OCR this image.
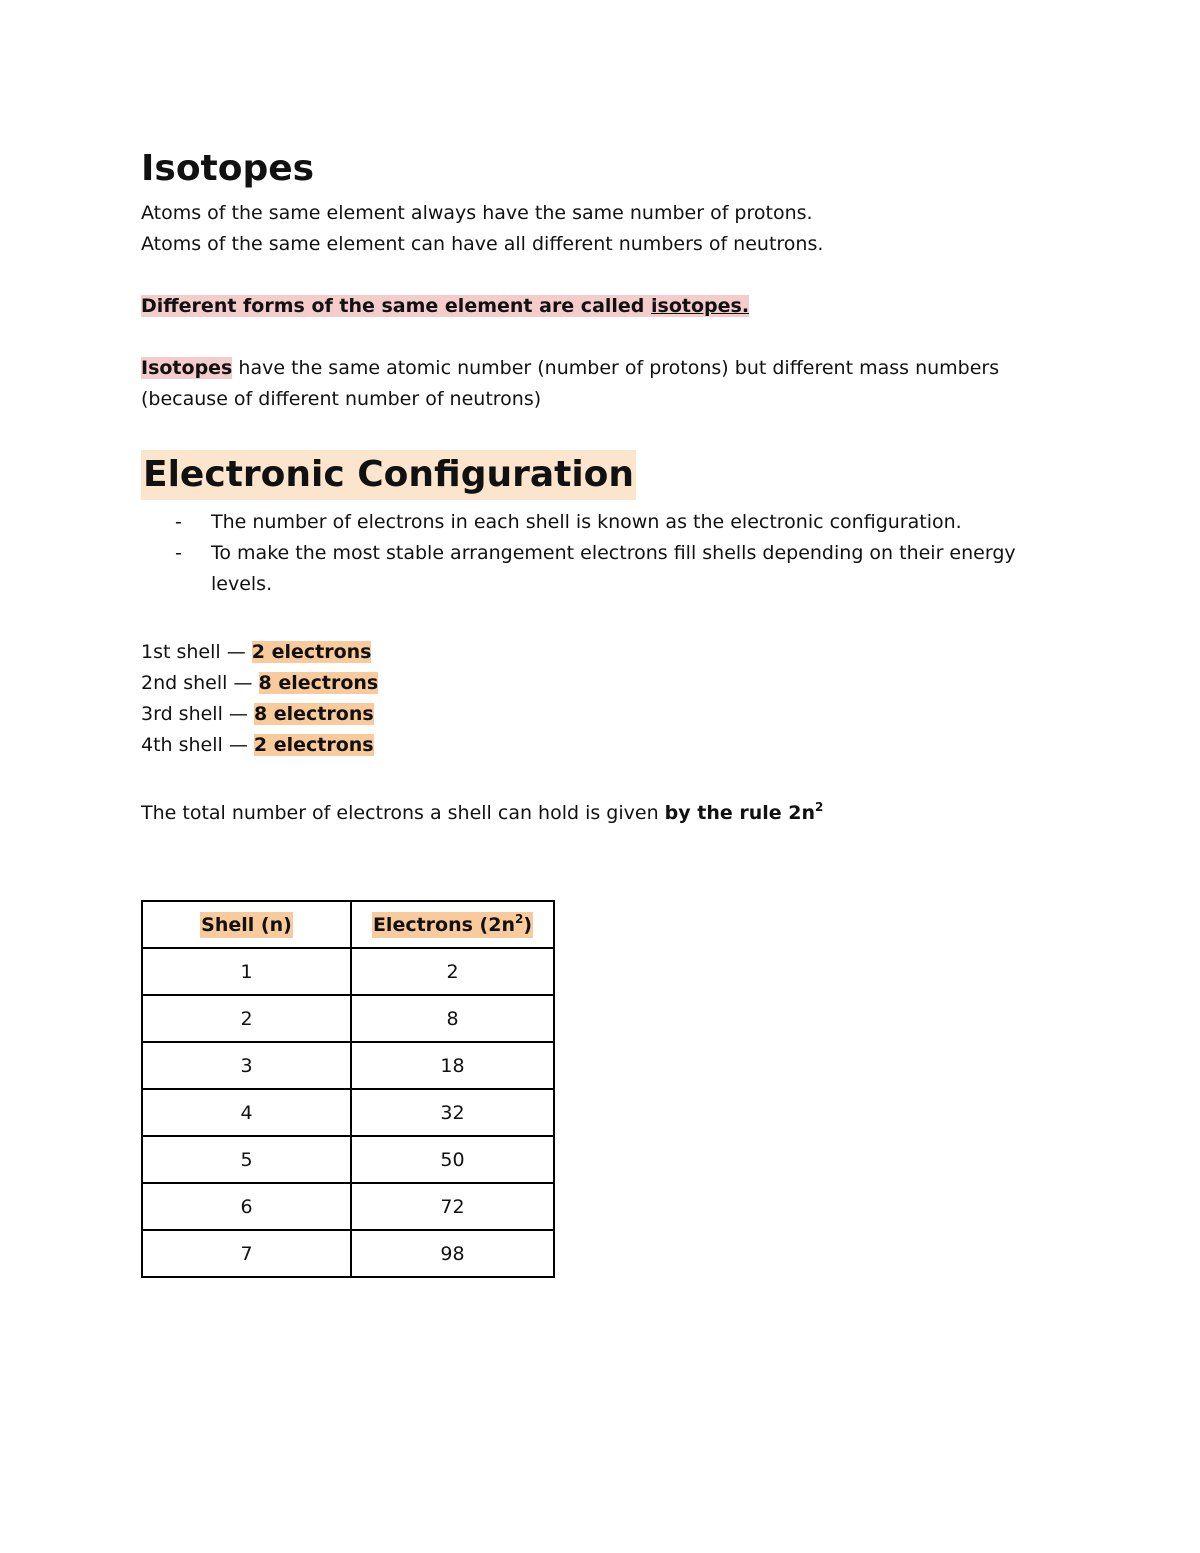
Isotopes
Atoms of the same element always have the same number of protons.
Atoms of the same element can have all different numbers of neutrons.
Different forms of the same element are called isotopes.
Isotopes have the same atomic number (number of protons) but different mass numbers
(because of different number of neutrons)
Electronic Configuration
- The number of electrons in each shell is known as the electronic configuration.
- To make the most stable arrangement electrons fill shells depending on their energy
levels.
1st shell — 2 electrons
2nd shell — 8 electrons
3rd shell — 8 electrons
4th shell — 2 electrons
The total number of electrons a shell can hold is given by the rule $2n^2$
Shell (n)	Electrons $(2n^2)$
1	2
2	8
3	18
4	32
5	50
6	72
7	98
